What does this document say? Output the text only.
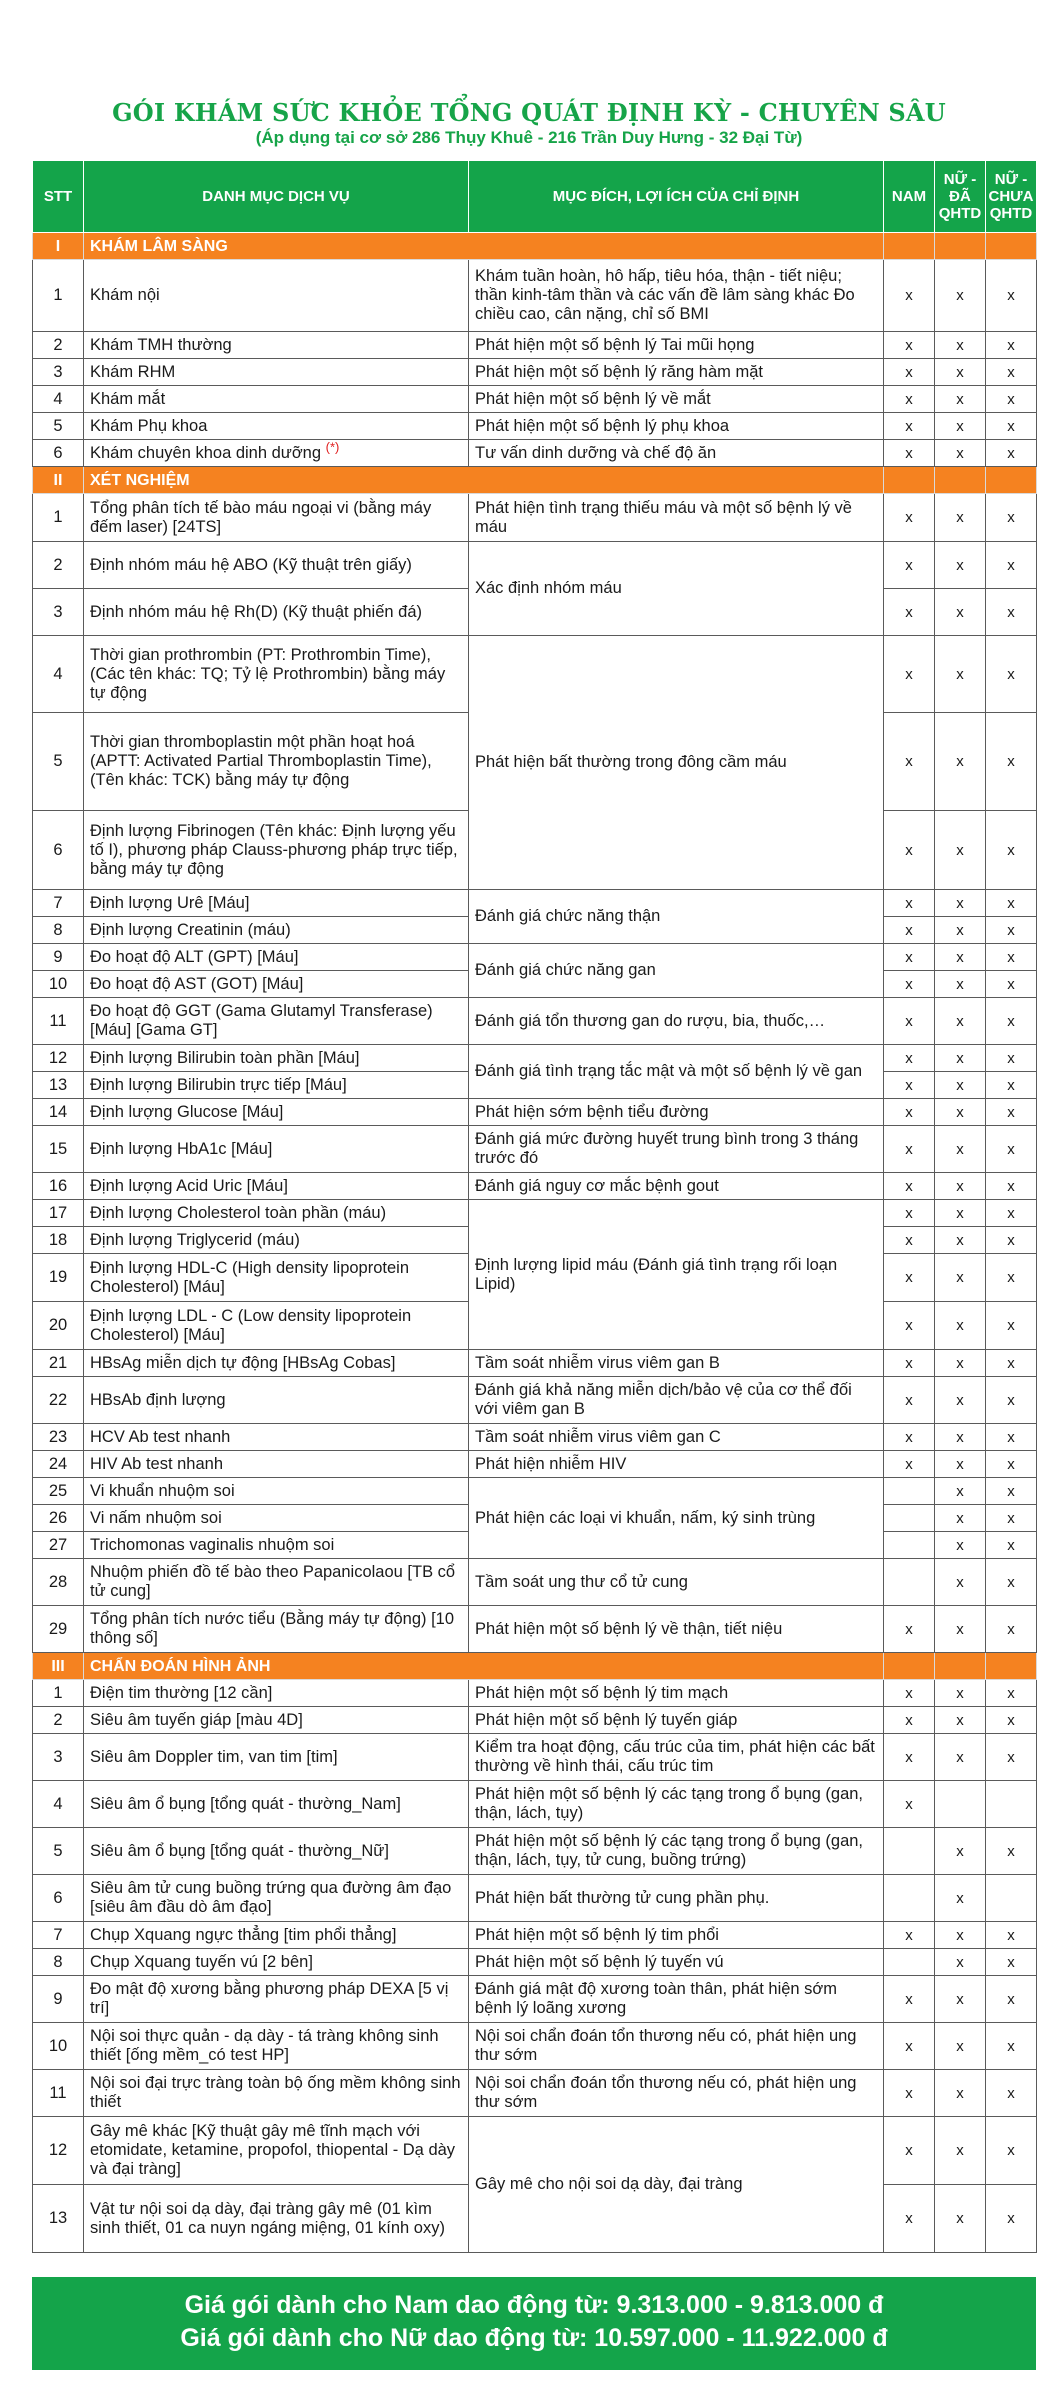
GÓI KHÁM SỨC KHỎE TỔNG QUÁT ĐỊNH KỲ - CHUYÊN SÂU
(Áp dụng tại cơ sở 286 Thụy Khuê - 216 Trần Duy Hưng - 32 Đại Từ)
STT	DANH MỤC DỊCH VỤ	MỤC ĐÍCH, LỢI ÍCH CỦA CHỈ ĐỊNH	NAM	NỮ - ĐÃ QHTD	NỮ - CHƯA QHTD
I	KHÁM LÂM SÀNG				
1	Khám nội	Khám tuần hoàn, hô hấp, tiêu hóa, thận - tiết niệu; thần kinh-tâm thần và các vấn đề lâm sàng khác Đo chiều cao, cân nặng, chỉ số BMI	x	x	x
2	Khám TMH thường	Phát hiện một số bệnh lý Tai mũi họng	x	x	x
3	Khám RHM	Phát hiện một số bệnh lý răng hàm mặt	x	x	x
4	Khám mắt	Phát hiện một số bệnh lý về mắt	x	x	x
5	Khám Phụ khoa	Phát hiện một số bệnh lý phụ khoa	x	x	x
6	Khám chuyên khoa dinh dưỡng (*)	Tư vấn dinh dưỡng và chế độ ăn	x	x	x
II	XÉT NGHIỆM				
1	Tổng phân tích tế bào máu ngoại vi (bằng máy đếm laser) [24TS]	Phát hiện tình trạng thiếu máu và một số bệnh lý về máu	x	x	x
2	Định nhóm máu hệ ABO (Kỹ thuật trên giấy)	Xác định nhóm máu	x	x	x
3	Định nhóm máu hệ Rh(D) (Kỹ thuật phiến đá)		x	x	x
4	Thời gian prothrombin (PT: Prothrombin Time), (Các tên khác: TQ; Tỷ lệ Prothrombin) bằng máy tự động	Phát hiện bất thường trong đông cầm máu	x	x	x
5	Thời gian thromboplastin một phần hoạt hoá (APTT: Activated Partial Thromboplastin Time), (Tên khác: TCK) bằng máy tự động		x	x	x
6	Định lượng Fibrinogen (Tên khác: Định lượng yếu tố I), phương pháp Clauss-phương pháp trực tiếp, bằng máy tự động		x	x	x
7	Định lượng Urê [Máu]	Đánh giá chức năng thận	x	x	x
8	Định lượng Creatinin (máu)		x	x	x
9	Đo hoạt độ ALT (GPT) [Máu]	Đánh giá chức năng gan	x	x	x
10	Đo hoạt độ AST (GOT) [Máu]		x	x	x
11	Đo hoạt độ GGT (Gama Glutamyl Transferase) [Máu] [Gama GT]	Đánh giá tổn thương gan do rượu, bia, thuốc,…	x	x	x
12	Định lượng Bilirubin toàn phần [Máu]	Đánh giá tình trạng tắc mật và một số bệnh lý về gan	x	x	x
13	Định lượng Bilirubin trực tiếp [Máu]		x	x	x
14	Định lượng Glucose [Máu]	Phát hiện sớm bệnh tiểu đường	x	x	x
15	Định lượng HbA1c [Máu]	Đánh giá mức đường huyết trung bình trong 3 tháng trước đó	x	x	x
16	Định lượng Acid Uric [Máu]	Đánh giá nguy cơ mắc bệnh gout	x	x	x
17	Định lượng Cholesterol toàn phần (máu)	Định lượng lipid máu (Đánh giá tình trạng rối loạn Lipid)	x	x	x
18	Định lượng Triglycerid (máu)		x	x	x
19	Định lượng HDL-C (High density lipoprotein Cholesterol) [Máu]		x	x	x
20	Định lượng LDL - C (Low density lipoprotein Cholesterol) [Máu]		x	x	x
21	HBsAg miễn dịch tự động [HBsAg Cobas]	Tầm soát nhiễm virus viêm gan B	x	x	x
22	HBsAb định lượng	Đánh giá khả năng miễn dịch/bảo vệ của cơ thể đối với viêm gan B	x	x	x
23	HCV Ab test nhanh	Tầm soát nhiễm virus viêm gan C	x	x	x
24	HIV Ab test nhanh	Phát hiện nhiễm HIV	x	x	x
25	Vi khuẩn nhuộm soi	Phát hiện các loại vi khuẩn, nấm, ký sinh trùng		x	x
26	Vi nấm nhuộm soi			x	x
27	Trichomonas vaginalis nhuộm soi			x	x
28	Nhuộm phiến đồ tế bào theo Papanicolaou [TB cổ tử cung]	Tầm soát ung thư cổ tử cung		x	x
29	Tổng phân tích nước tiểu (Bằng máy tự động) [10 thông số]	Phát hiện một số bệnh lý về thận, tiết niệu	x	x	x
III	CHẨN ĐOÁN HÌNH ẢNH				
1	Điện tim thường [12 cần]	Phát hiện một số bệnh lý tim mạch	x	x	x
2	Siêu âm tuyến giáp [màu 4D]	Phát hiện một số bệnh lý tuyến giáp	x	x	x
3	Siêu âm Doppler tim, van tim [tim]	Kiểm tra hoạt động, cấu trúc của tim, phát hiện các bất thường về hình thái, cấu trúc tim	x	x	x
4	Siêu âm ổ bụng [tổng quát - thường_Nam]	Phát hiện một số bệnh lý các tạng trong ổ bụng (gan, thận, lách, tụy)	x		
5	Siêu âm ổ bụng [tổng quát - thường_Nữ]	Phát hiện một số bệnh lý các tạng trong ổ bụng (gan, thận, lách, tụy, tử cung, buồng trứng)		x	x
6	Siêu âm tử cung buồng trứng qua đường âm đạo [siêu âm đầu dò âm đạo]	Phát hiện bất thường tử cung phần phụ.		x	
7	Chụp Xquang ngực thẳng [tim phổi thẳng]	Phát hiện một số bệnh lý tim phổi	x	x	x
8	Chụp Xquang tuyến vú [2 bên]	Phát hiện một số bệnh lý tuyến vú		x	x
9	Đo mật độ xương bằng phương pháp DEXA [5 vị trí]	Đánh giá mật độ xương toàn thân, phát hiện sớm bệnh lý loãng xương	x	x	x
10	Nội soi thực quản - dạ dày - tá tràng không sinh thiết [ống mềm_có test HP]	Nội soi chẩn đoán tổn thương nếu có, phát hiện ung thư sớm	x	x	x
11	Nội soi đại trực tràng toàn bộ ống mềm không sinh thiết	Nội soi chẩn đoán tổn thương nếu có, phát hiện ung thư sớm	x	x	x
12	Gây mê khác [Kỹ thuật gây mê tĩnh mạch với etomidate, ketamine, propofol, thiopental - Dạ dày và đại tràng]	Gây mê cho nội soi dạ dày, đại tràng	x	x	x
13	Vật tư nội soi dạ dày, đại tràng gây mê (01 kìm sinh thiết, 01 ca nuyn ngáng miệng, 01 kính oxy)		x	x	x
Giá gói dành cho Nam dao động từ: 9.313.000 - 9.813.000 đ
Giá gói dành cho Nữ dao động từ: 10.597.000 - 11.922.000 đ
